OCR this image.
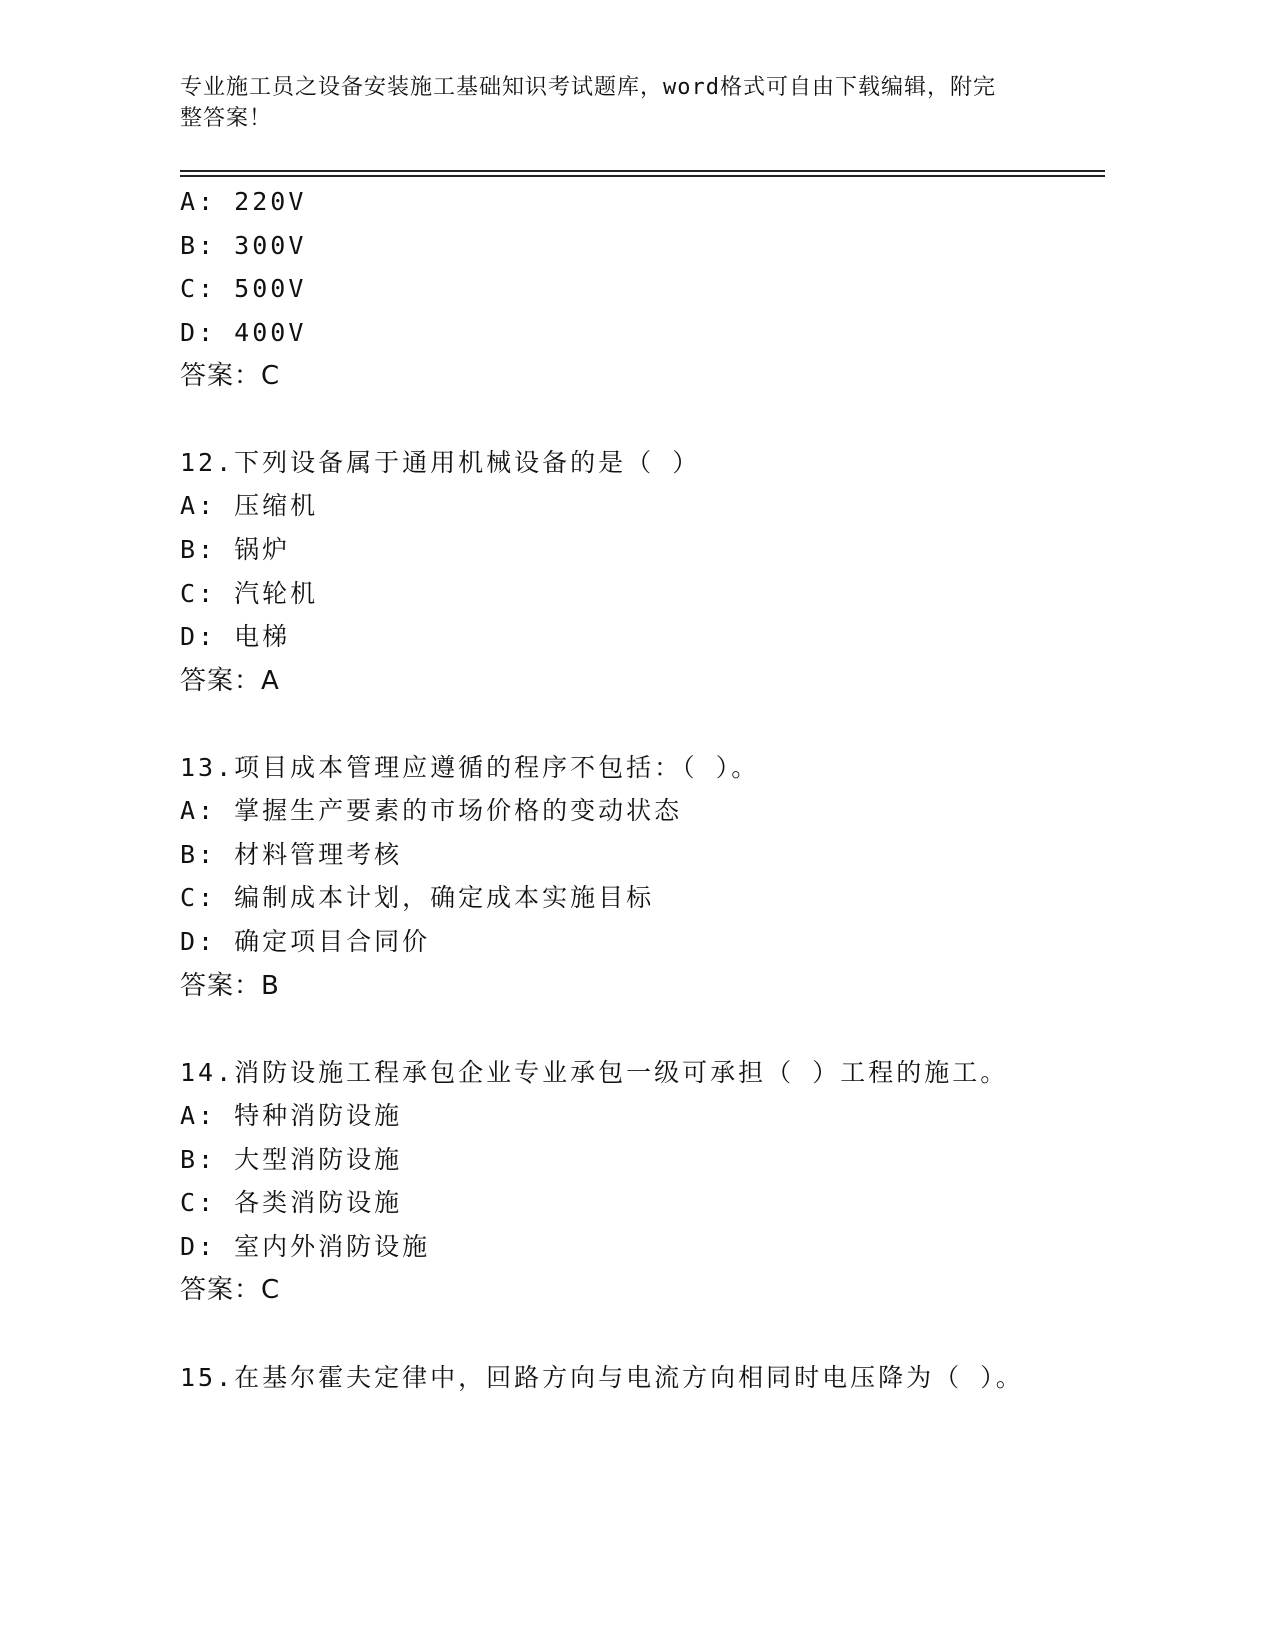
专业施工员之设备安装施工基础知识考试题库，word格式可自由下载编辑，附完
整答案！
A: 220V
B: 300V
C: 500V
D: 400V
答案：C
12.下列设备属于通用机械设备的是（ ）
A: 压缩机
B: 锅炉
C: 汽轮机
D: 电梯
答案：A
13.项目成本管理应遵循的程序不包括：（ ）。
A: 掌握生产要素的市场价格的变动状态
B: 材料管理考核
C: 编制成本计划，确定成本实施目标
D: 确定项目合同价
答案：B
14.消防设施工程承包企业专业承包一级可承担（ ）工程的施工。
A: 特种消防设施
B: 大型消防设施
C: 各类消防设施
D: 室内外消防设施
答案：C
15.在基尔霍夫定律中，回路方向与电流方向相同时电压降为（ ）。
